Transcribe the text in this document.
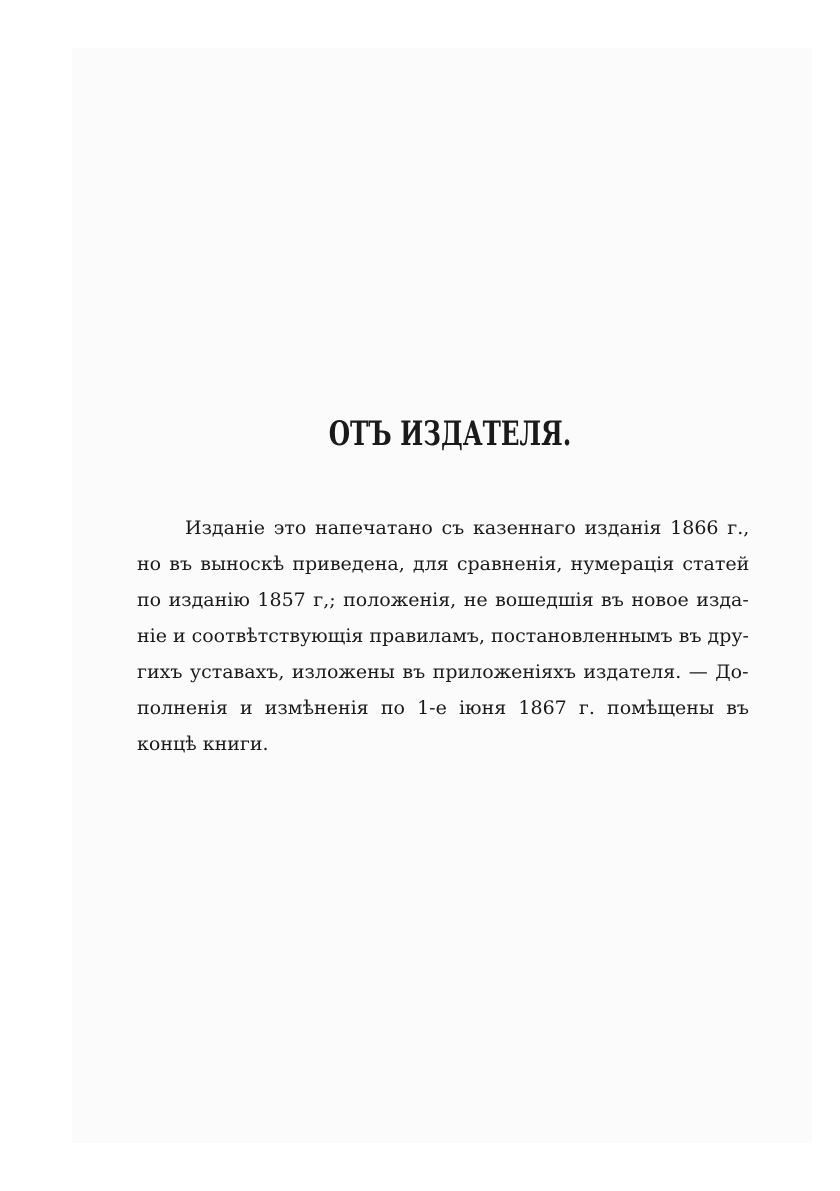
ОТЪ ИЗДАТЕЛЯ.
Изданіе это напечатано съ казеннаго изданія 1866 г.,
но въ выноскѣ приведена, для сравненія, нумерація статей
по изданію 1857 г,; положенія, не вошедшія въ новое изда-
ніе и соотвѣтствующія правиламъ, постановленнымъ въ дру-
гихъ уставахъ, изложены въ приложеніяхъ издателя. — До-
полненія и измѣненія по 1-е іюня 1867 г. помѣщены въ
концѣ книги.
